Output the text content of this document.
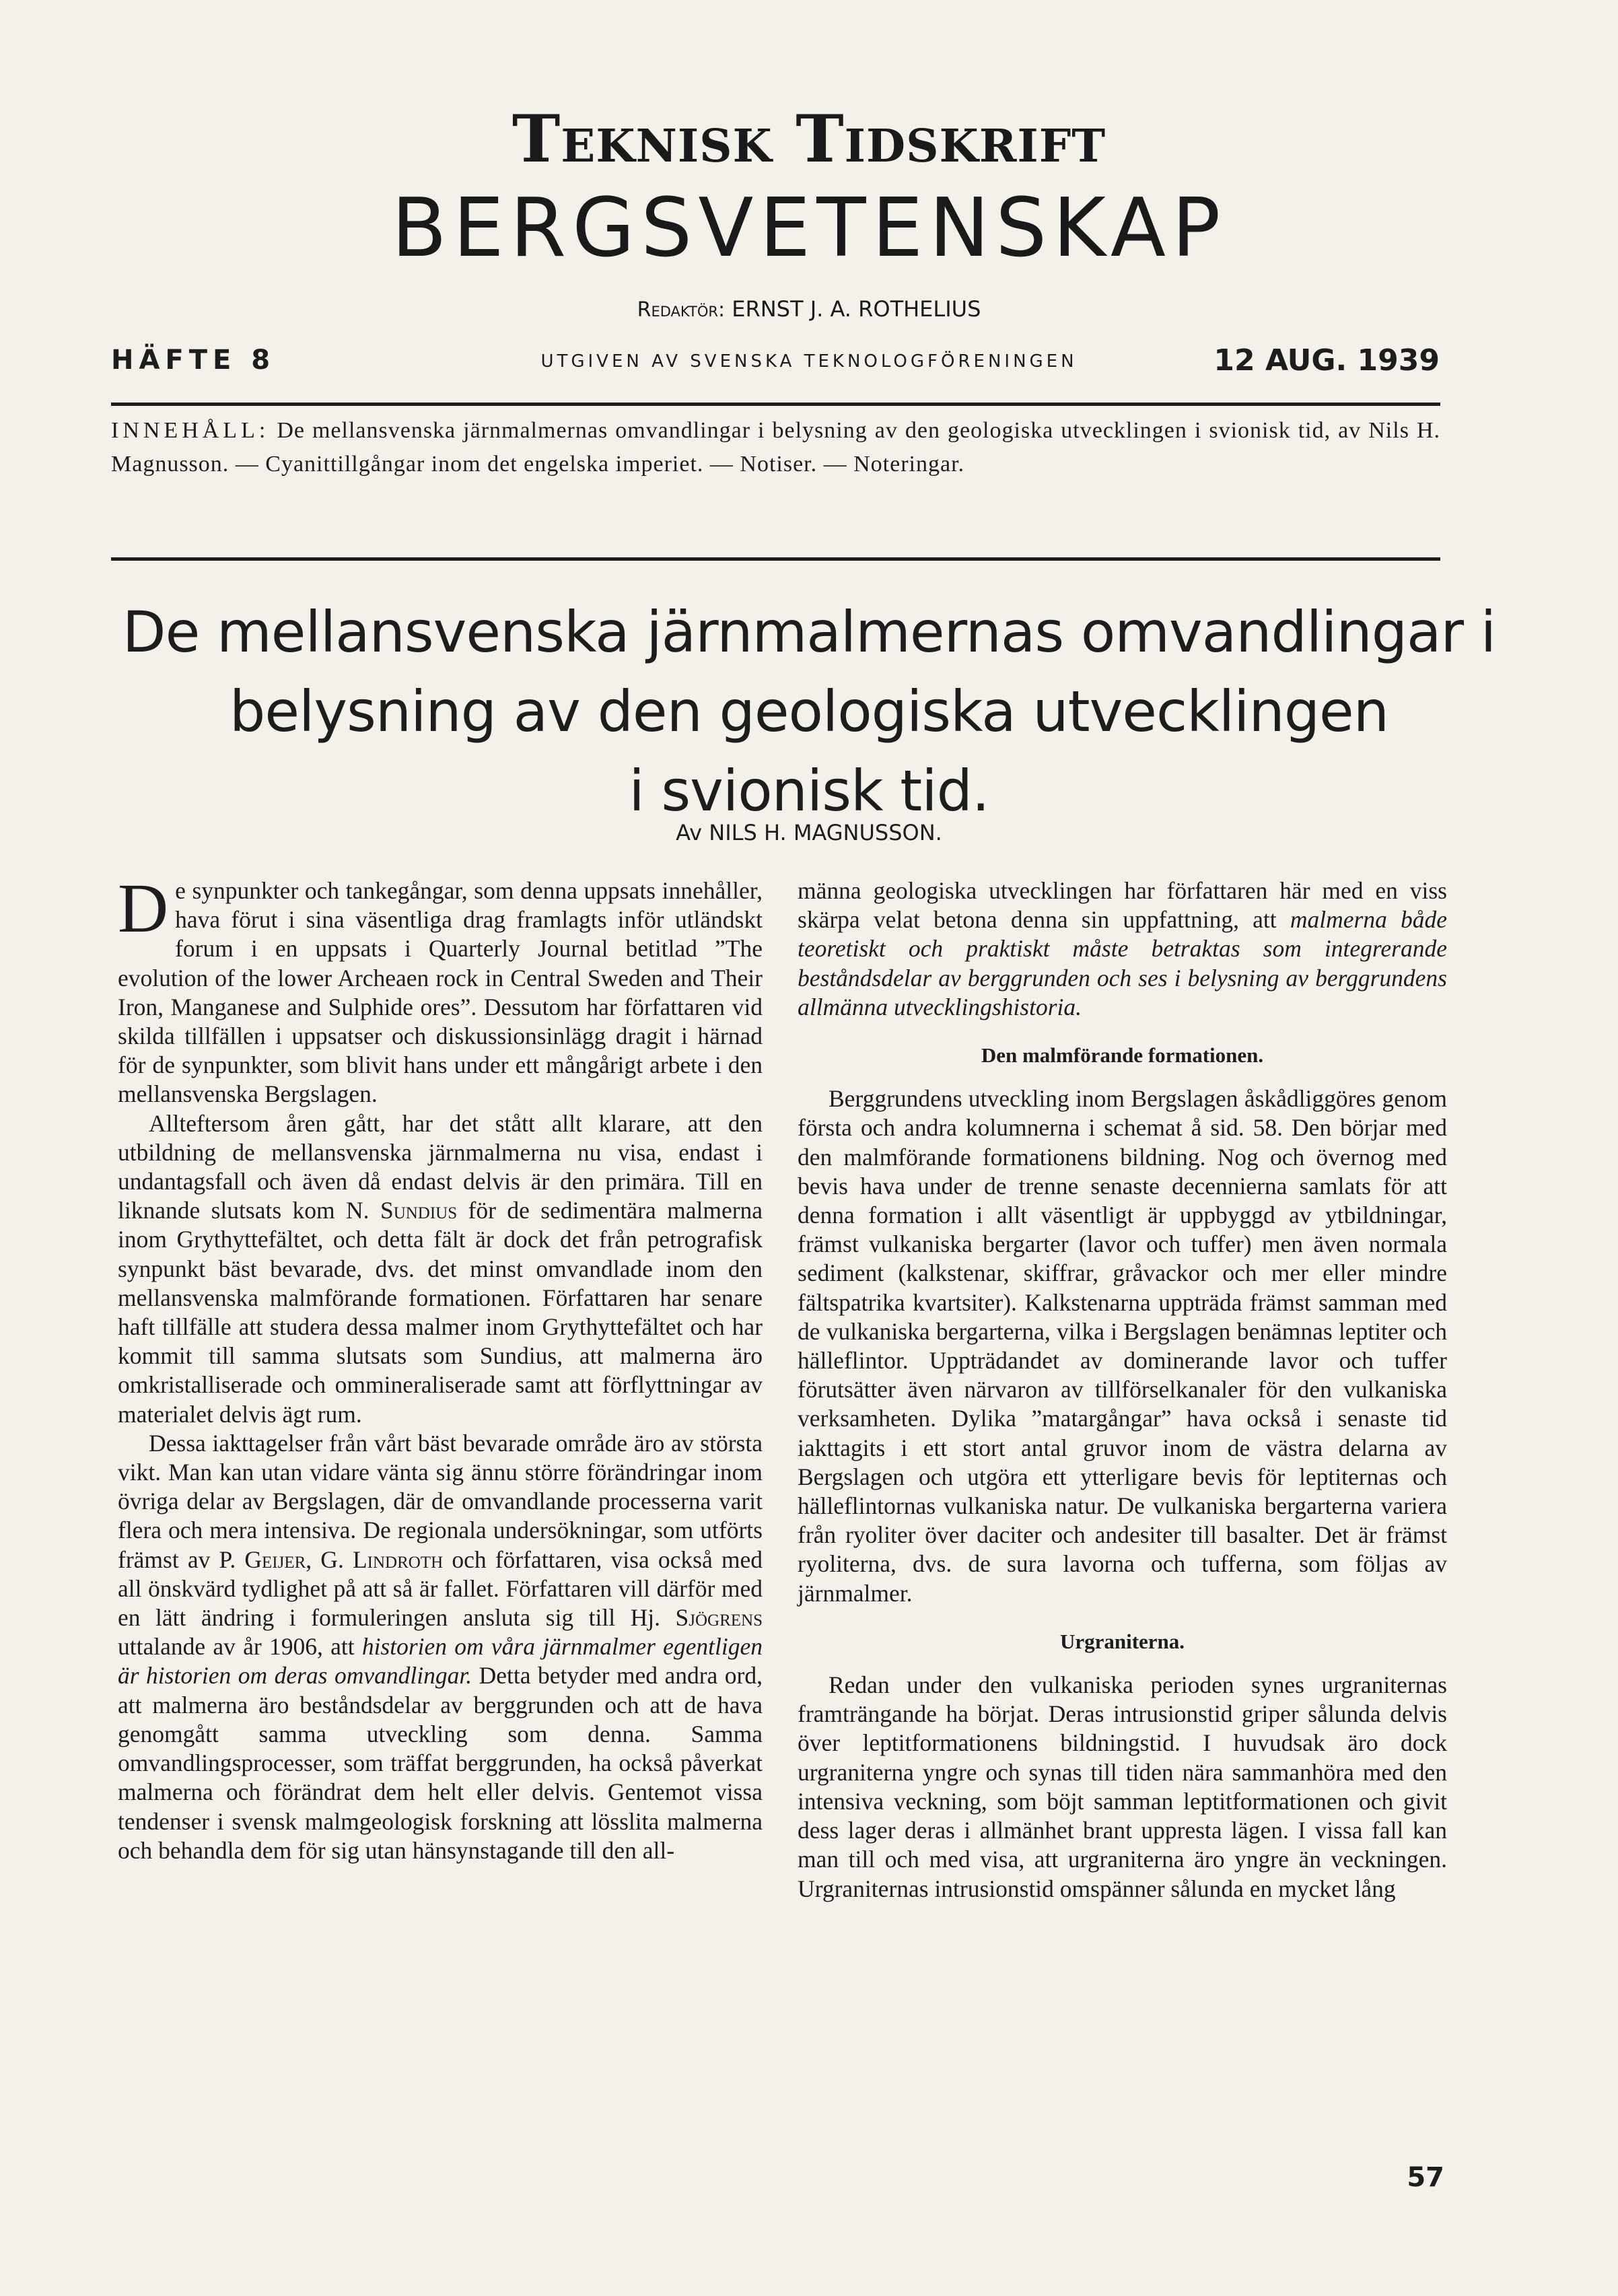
Teknisk Tidskrift
BERGSVETENSKAP
Redaktör: ERNST J. A. ROTHELIUS
HÄFTE 8	UTGIVEN AV SVENSKA TEKNOLOGFÖRENINGEN	12 AUG. 1939
INNEHÅLL: De mellansvenska järnmalmernas omvandlingar i belysning av den geologiska utvecklingen i svionisk tid, av Nils H. Magnusson. — Cyanittillgångar inom det engelska imperiet. — Notiser. — Noteringar.
De mellansvenska järnmalmernas omvandlingar i
belysning av den geologiska utvecklingen
i svionisk tid.
Av NILS H. MAGNUSSON.

De synpunkter och tankegångar, som denna uppsats innehåller, hava förut i sina väsentliga drag framlagts inför utländskt forum i en uppsats i Quarterly Journal betitlad ”The evolution of the lower Archeaen rock in Central Sweden and Their Iron, Manganese and Sulphide ores”. Dessutom har författaren vid skilda tillfällen i uppsatser och diskussionsinlägg dragit i härnad för de synpunkter, som blivit hans under ett mångårigt arbete i den mellansvenska Bergslagen.

Allteftersom åren gått, har det stått allt klarare, att den utbildning de mellansvenska järnmalmerna nu visa, endast i undantagsfall och även då endast delvis är den primära. Till en liknande slutsats kom N. Sundius för de sedimentära malmerna inom Grythyttefältet, och detta fält är dock det från petrografisk synpunkt bäst bevarade, dvs. det minst omvandlade inom den mellansvenska malmförande formationen. Författaren har senare haft tillfälle att studera dessa malmer inom Grythyttefältet och har kommit till samma slutsats som Sundius, att malmerna äro omkristalliserade och ommineraliserade samt att förflyttningar av materialet delvis ägt rum.

Dessa iakttagelser från vårt bäst bevarade område äro av största vikt. Man kan utan vidare vänta sig ännu större förändringar inom övriga delar av Bergslagen, där de omvandlande processerna varit flera och mera intensiva. De regionala undersökningar, som utförts främst av P. Geijer, G. Lindroth och författaren, visa också med all önskvärd tydlighet på att så är fallet. Författaren vill därför med en lätt ändring i formuleringen ansluta sig till Hj. Sjögrens uttalande av år 1906, att historien om våra järnmalmer egentligen är historien om deras omvandlingar. Detta betyder med andra ord, att malmerna äro beståndsdelar av berggrunden och att de hava genomgått samma utveckling som denna. Samma omvandlingsprocesser, som träffat berggrunden, ha också påverkat malmerna och förändrat dem helt eller delvis. Gentemot vissa tendenser i svensk malmgeologisk forskning att lösslita malmerna och behandla dem för sig utan hänsynstagande till den all-

männa geologiska utvecklingen har författaren här med en viss skärpa velat betona denna sin uppfattning, att malmerna både teoretiskt och praktiskt måste betraktas som integrerande beståndsdelar av berggrunden och ses i belysning av berggrundens allmänna utvecklingshistoria.

Den malmförande formationen.

Berggrundens utveckling inom Bergslagen åskådliggöres genom första och andra kolumnerna i schemat å sid. 58. Den börjar med den malmförande formationens bildning. Nog och övernog med bevis hava under de trenne senaste decennierna samlats för att denna formation i allt väsentligt är uppbyggd av ytbildningar, främst vulkaniska bergarter (lavor och tuffer) men även normala sediment (kalkstenar, skiffrar, gråvackor och mer eller mindre fältspatrika kvartsiter). Kalkstenarna uppträda främst samman med de vulkaniska bergarterna, vilka i Bergslagen benämnas leptiter och hälleflintor. Uppträdandet av dominerande lavor och tuffer förutsätter även närvaron av tillförselkanaler för den vulkaniska verksamheten. Dylika ”matargångar” hava också i senaste tid iakttagits i ett stort antal gruvor inom de västra delarna av Bergslagen och utgöra ett ytterligare bevis för leptiternas och hälleflintornas vulkaniska natur. De vulkaniska bergarterna variera från ryoliter över daciter och andesiter till basalter. Det är främst ryoliterna, dvs. de sura lavorna och tufferna, som följas av järnmalmer.

Urgraniterna.

Redan under den vulkaniska perioden synes urgraniternas framträngande ha börjat. Deras intrusionstid griper sålunda delvis över leptitformationens bildningstid. I huvudsak äro dock urgraniterna yngre och synas till tiden nära sammanhöra med den intensiva veckning, som böjt samman leptitformationen och givit dess lager deras i allmänhet brant uppresta lägen. I vissa fall kan man till och med visa, att urgraniterna äro yngre än veckningen. Urgraniternas intrusionstid omspänner sålunda en mycket lång

57
